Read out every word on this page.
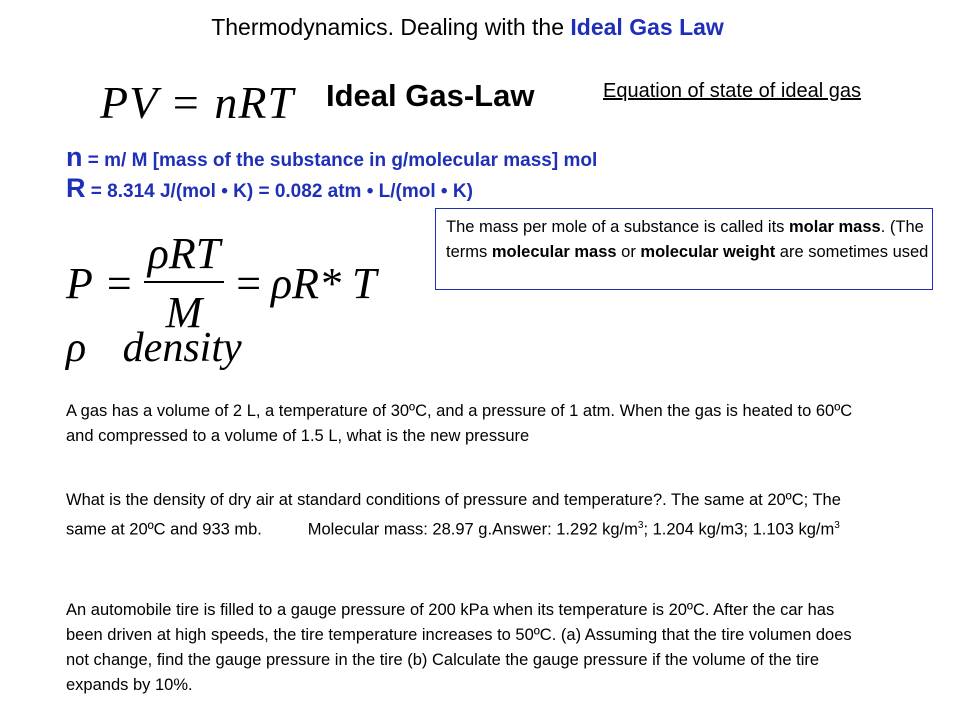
Thermodynamics. Dealing with the Ideal Gas Law
PV = nRT Ideal Gas-Law	Equation of state of ideal gas
n = m/ M [mass of the substance in g/molecular mass] mol
R = 8.314 J/(mol • K) = 0.082 atm • L/(mol • K)
The mass per mole of a substance is called its molar mass. (The terms molecular mass or molecular weight are sometimes used
$P = \frac{\text{ρRT}}{M} = \rho R*$ T
ρ density
A gas has a volume of 2 L, a temperature of 30ºC, and a pressure of 1 atm. When the gas is heated to 60ºC and compressed to a volume of 1.5 L, what is the new pressure
What is the density of dry air at standard conditions of pressure and temperature?. The same at 20ºC; The same at 20ºC and 933 mb.          Molecular mass: 28.97 g.Answer: 1.292 $kg/m^3$; 1.204 kg/m3; 1.103 $kg/m^3$
An automobile tire is filled to a gauge pressure of 200 kPa when its temperature is 20ºC. After the car has been driven at high speeds, the tire temperature increases to 50ºC. (a) Assuming that the tire volumen does not change, find the gauge pressure in the tire (b) Calculate the gauge pressure if the volume of the tire expands by 10%.
